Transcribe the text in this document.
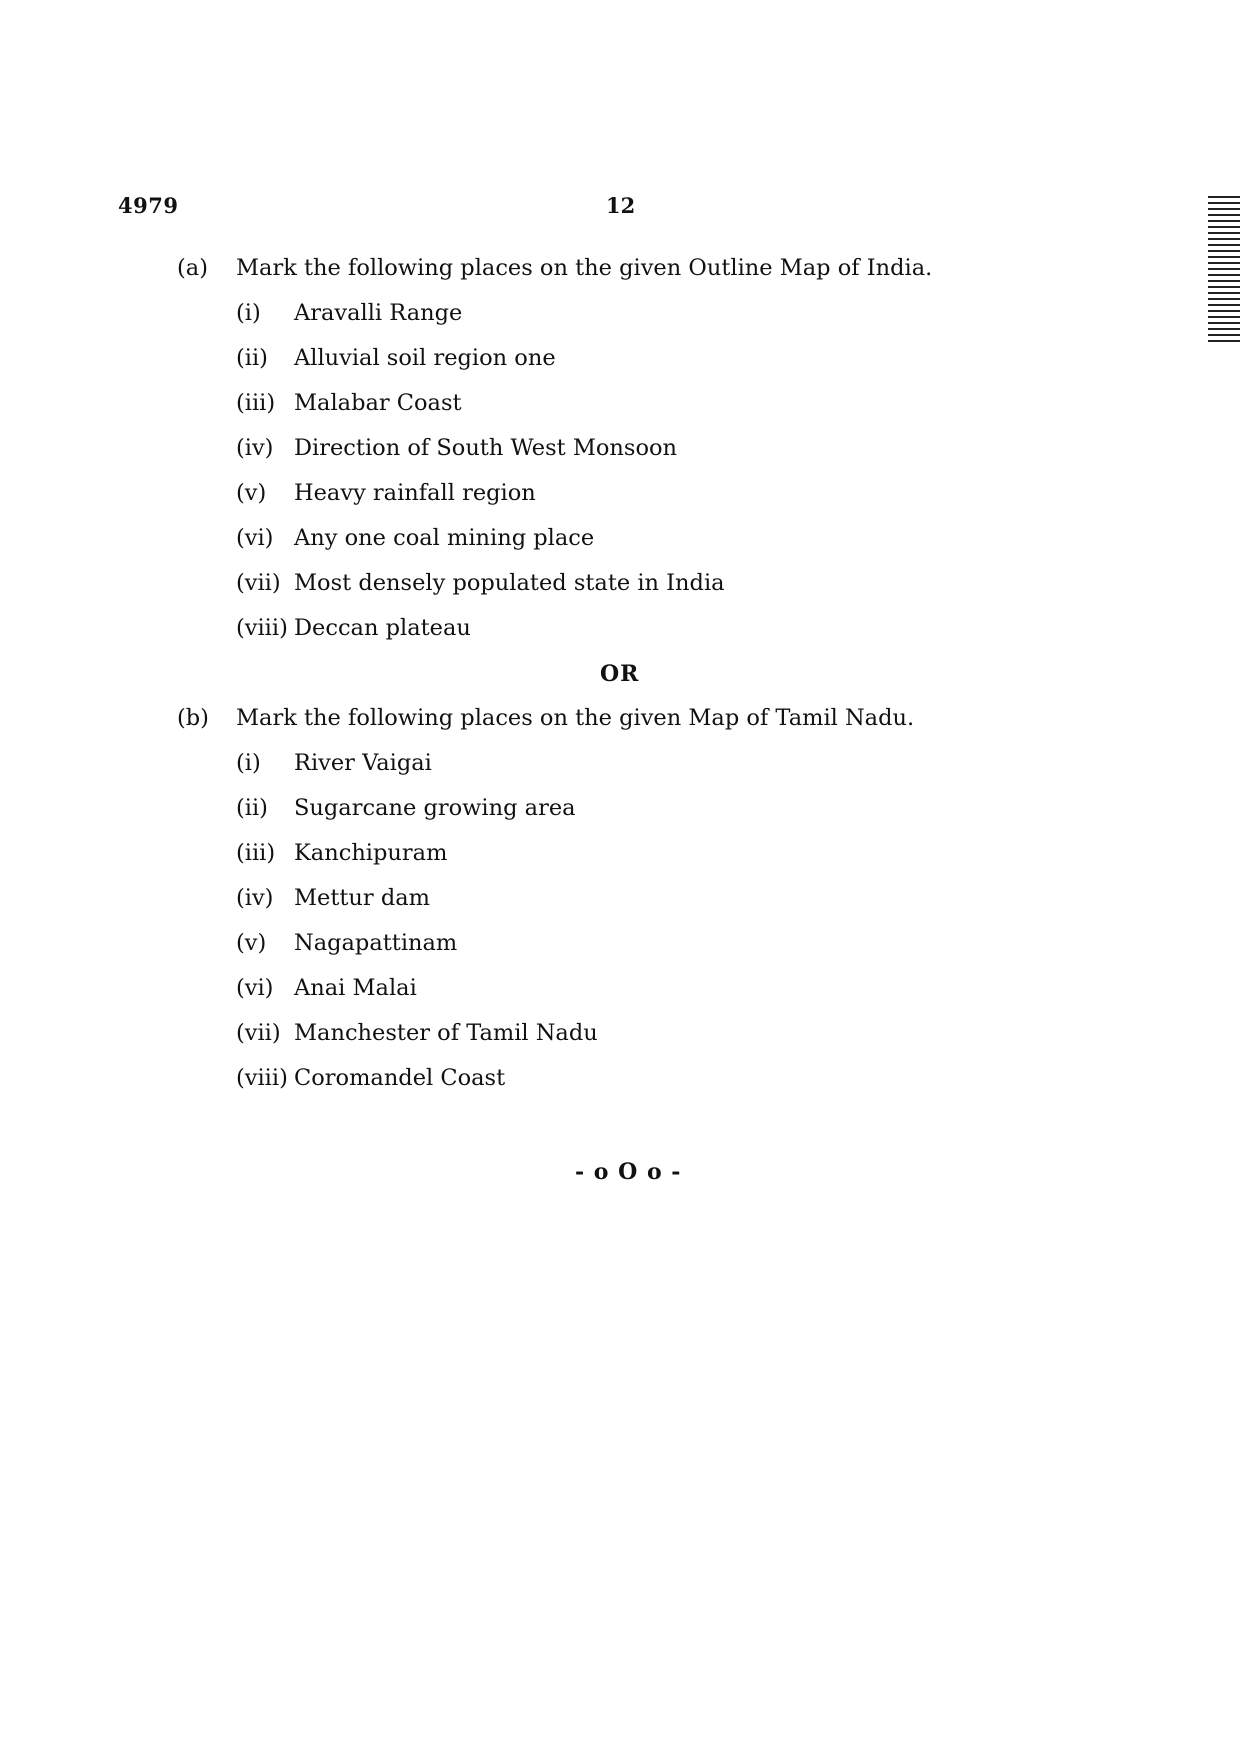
4979	12
(a) Mark the following places on the given Outline Map of India.
(i) Aravalli Range
(ii) Alluvial soil region one
(iii) Malabar Coast
(iv) Direction of South West Monsoon
(v) Heavy rainfall region
(vi) Any one coal mining place
(vii) Most densely populated state in India
(viii) Deccan plateau
OR
(b) Mark the following places on the given Map of Tamil Nadu.
(i) River Vaigai
(ii) Sugarcane growing area
(iii) Kanchipuram
(iv) Mettur dam
(v) Nagapattinam
(vi) Anai Malai
(vii) Manchester of Tamil Nadu
(viii) Coromandel Coast
- o O o -
